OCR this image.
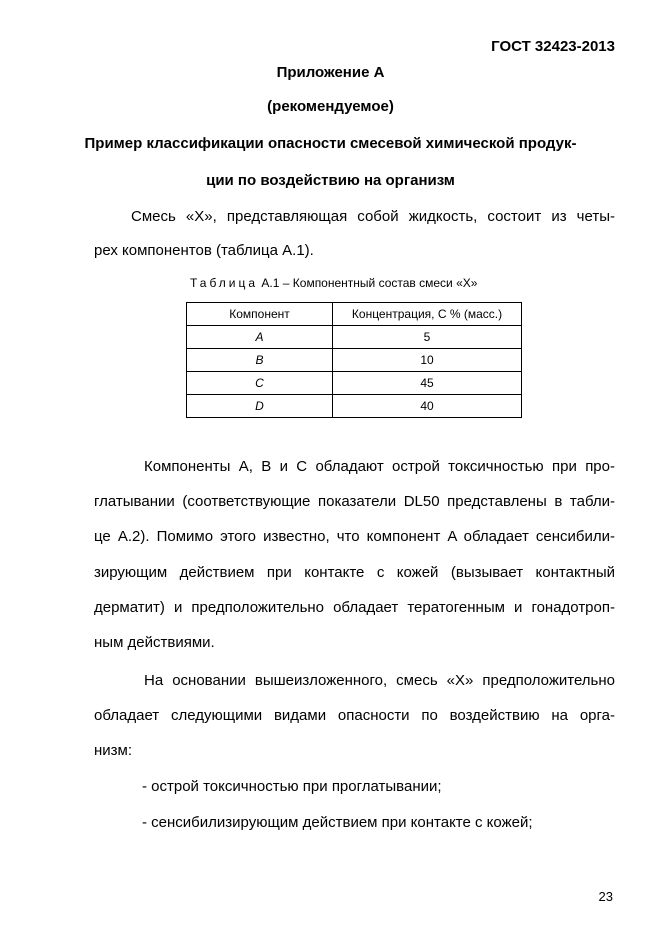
ГОСТ 32423-2013
Приложение А
(рекомендуемое)
Пример классификации опасности смесевой химической продук-
ции по воздействию на организм
Смесь «X», представляющая собой жидкость, состоит из четы-
рех компонентов (таблица А.1).
Таблица А.1 – Компонентный состав смеси «X»
Компонент	Концентрация, C % (масс.)
A	5
B	10
C	45
D	40
Компоненты A, B и C обладают острой токсичностью при про-
глатывании (соответствующие показатели DL50 представлены в табли-
це А.2). Помимо этого известно, что компонент A обладает сенсибили-
зирующим действием при контакте с кожей (вызывает контактный
дерматит) и предположительно обладает тератогенным и гонадотроп-
ным действиями.
На основании вышеизложенного, смесь «X» предположительно
обладает следующими видами опасности по воздействию на орга-
низм:
- острой токсичностью при проглатывании;
- сенсибилизирующим действием при контакте с кожей;
23
